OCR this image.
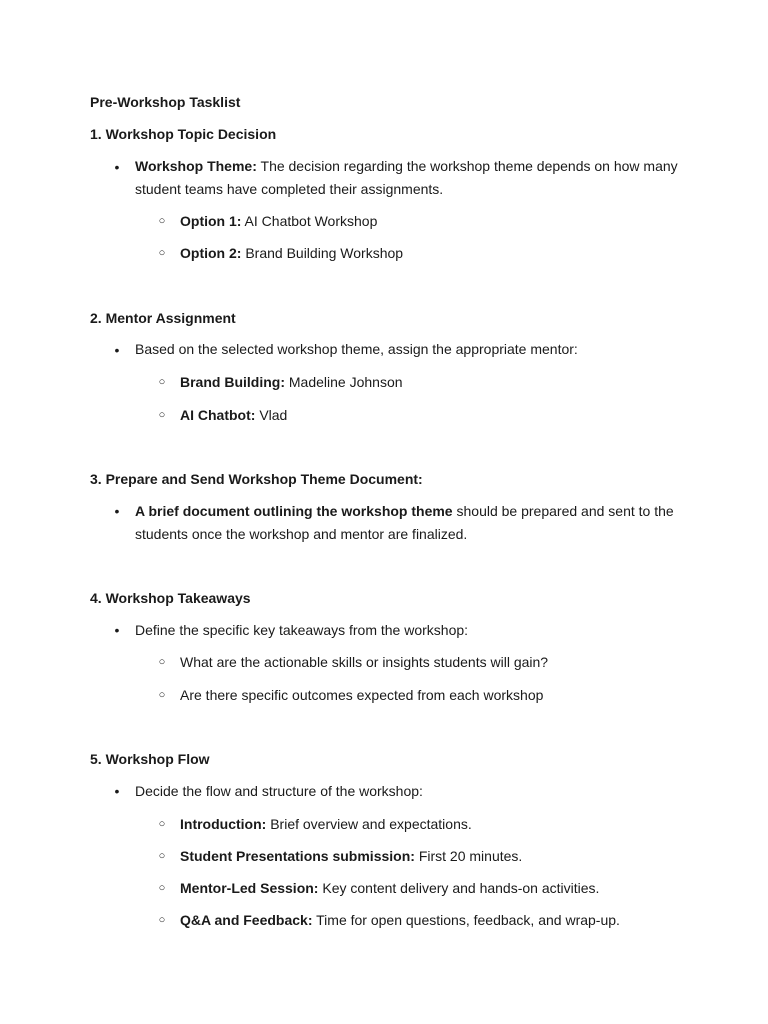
Pre-Workshop Tasklist
1. Workshop Topic Decision
• Workshop Theme: The decision regarding the workshop theme depends on how many student teams have completed their assignments.
○ Option 1: AI Chatbot Workshop
○ Option 2: Brand Building Workshop
2. Mentor Assignment
• Based on the selected workshop theme, assign the appropriate mentor:
○ Brand Building: Madeline Johnson
○ AI Chatbot: Vlad
3. Prepare and Send Workshop Theme Document:
• A brief document outlining the workshop theme should be prepared and sent to the students once the workshop and mentor are finalized.
4. Workshop Takeaways
• Define the specific key takeaways from the workshop:
○ What are the actionable skills or insights students will gain?
○ Are there specific outcomes expected from each workshop
5. Workshop Flow
• Decide the flow and structure of the workshop:
○ Introduction: Brief overview and expectations.
○ Student Presentations submission: First 20 minutes.
○ Mentor-Led Session: Key content delivery and hands-on activities.
○ Q&A and Feedback: Time for open questions, feedback, and wrap-up.
